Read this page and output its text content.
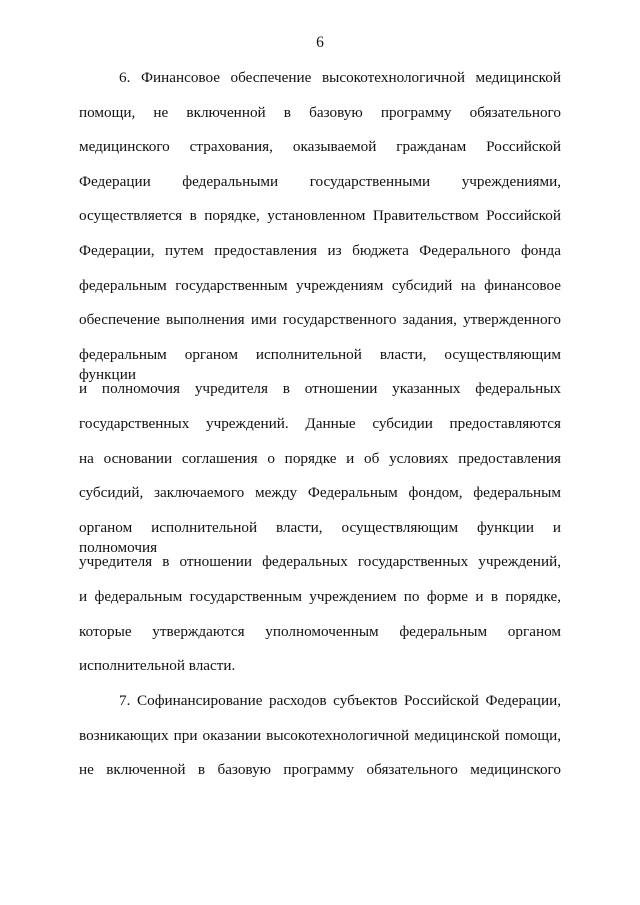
6
6. Финансовое обеспечение высокотехнологичной медицинской
помощи, не включенной в базовую программу обязательного
медицинского страхования, оказываемой гражданам Российской
Федерации федеральными государственными учреждениями,
осуществляется в порядке, установленном Правительством Российской
Федерации, путем предоставления из бюджета Федерального фонда
федеральным государственным учреждениям субсидий на финансовое
обеспечение выполнения ими государственного задания, утвержденного
федеральным органом исполнительной власти, осуществляющим функции
и полномочия учредителя в отношении указанных федеральных
государственных учреждений. Данные субсидии предоставляются
на основании соглашения о порядке и об условиях предоставления
субсидий, заключаемого между Федеральным фондом, федеральным
органом исполнительной власти, осуществляющим функции и полномочия
учредителя в отношении федеральных государственных учреждений,
и федеральным государственным учреждением по форме и в порядке,
которые утверждаются уполномоченным федеральным органом
исполнительной власти.
7. Софинансирование расходов субъектов Российской Федерации,
возникающих при оказании высокотехнологичной медицинской помощи,
не включенной в базовую программу обязательного медицинского
